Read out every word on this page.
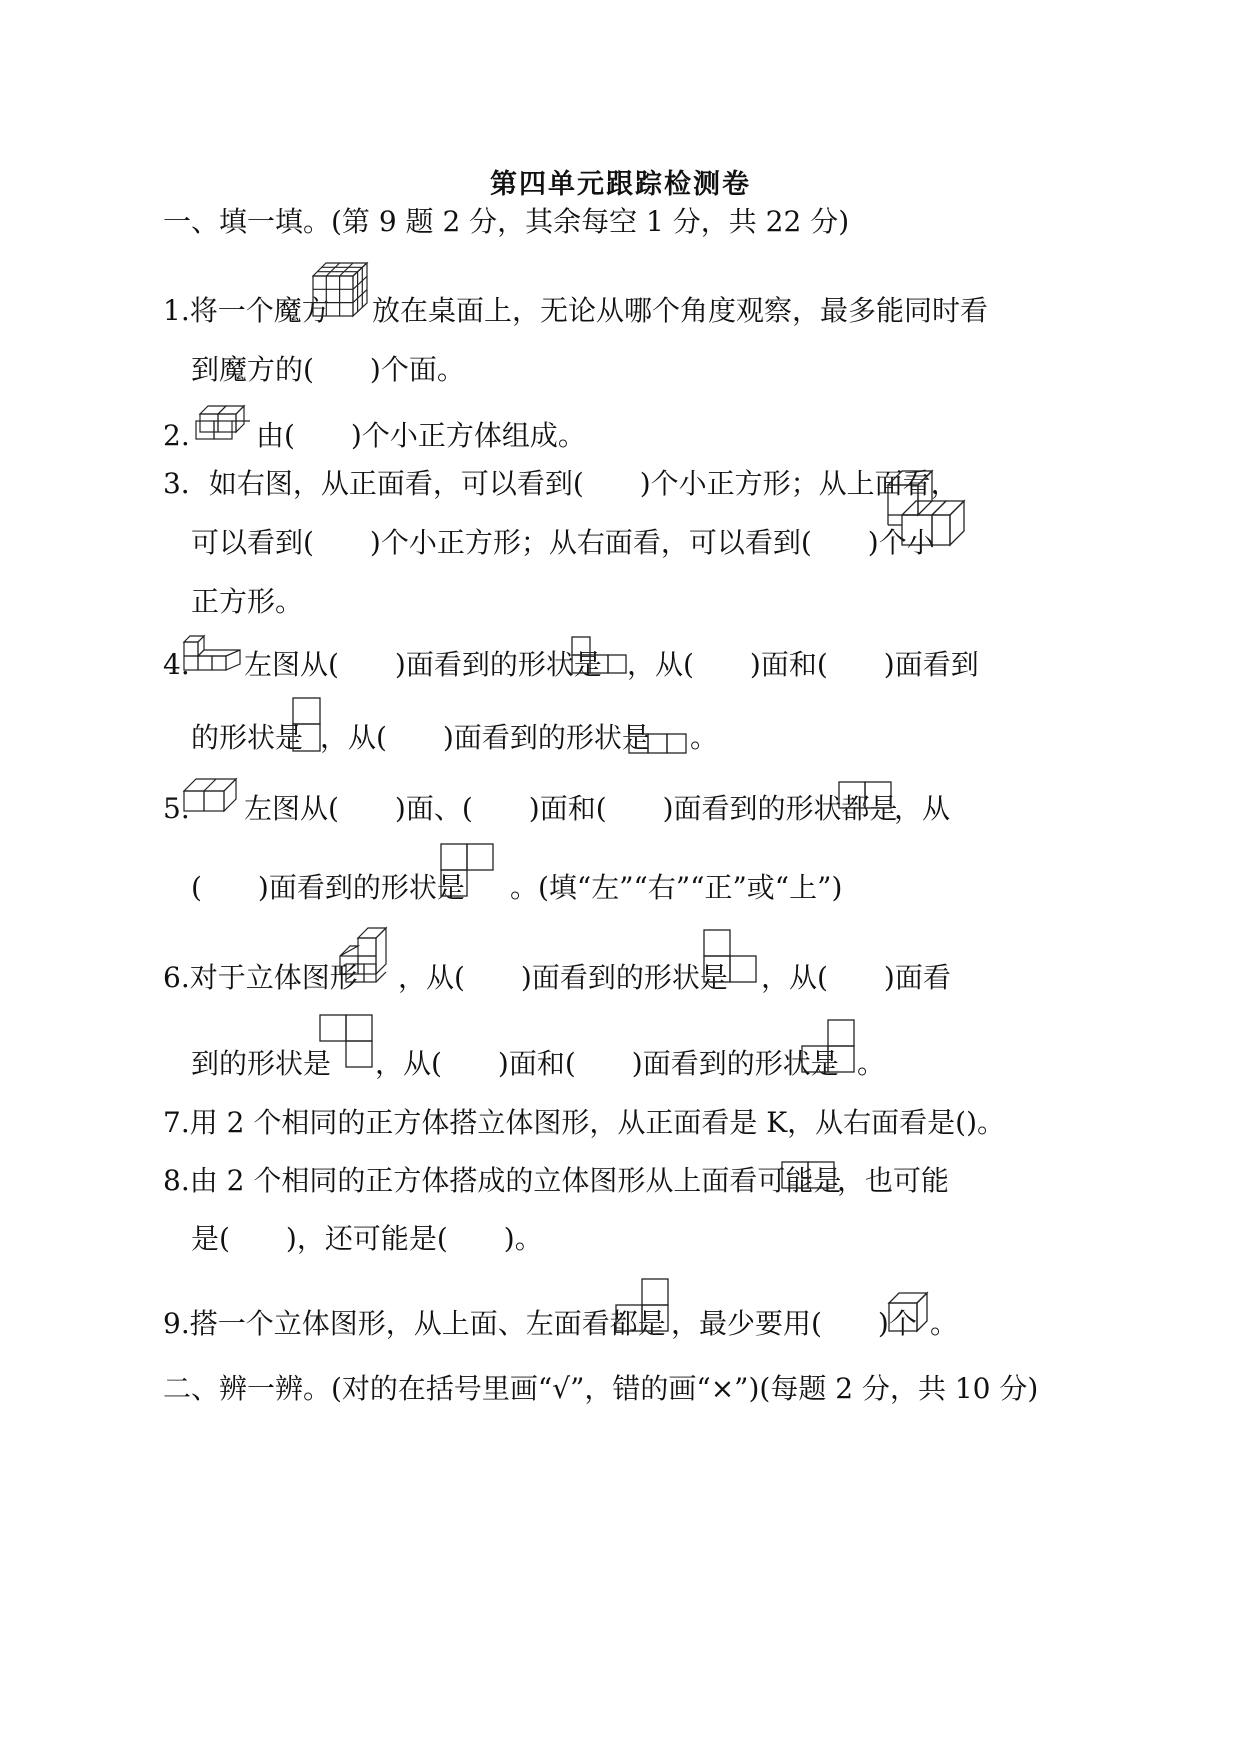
第四单元跟踪检测卷
一、填一填。(第 9 题 2 分，其余每空 1 分，共 22 分)
1.将一个魔方 放在桌面上，无论从哪个角度观察，最多能同时看
到魔方的(　　)个面。
2. 由(　　)个小正方体组成。
3．如右图，从正面看，可以看到(　　)个小正方形；从上面看，
可以看到(　　)个小正方形；从右面看，可以看到(　　)个小
正方形。
4. 左图从(　　)面看到的形状是 ，从(　　)面和(　　)面看到
的形状是 ，从(　　)面看到的形状是 。
5. 左图从(　　)面、(　　)面和(　　)面看到的形状都是
，从
(　　)面看到的形状是 。(填“左”“右”“正”或“上”)
6.对于立体图形 ，从(　　)面看到的形状是 ，从(　　)面看
到的形状是 ，从(　　)面和(　　)面看到的形状是 。
7.用 2 个相同的正方体搭立体图形，从正面看是 K，从右面看是()。
8.由 2 个相同的正方体搭成的立体图形从上面看可能是
，也可能
是(　　)，还可能是(　　)。
9.搭一个立体图形，从上面、左面看都是 ，最少要用(　　)个 。
二、辨一辨。(对的在括号里画“√”，错的画“×”)(每题 2 分，共 10 分)
